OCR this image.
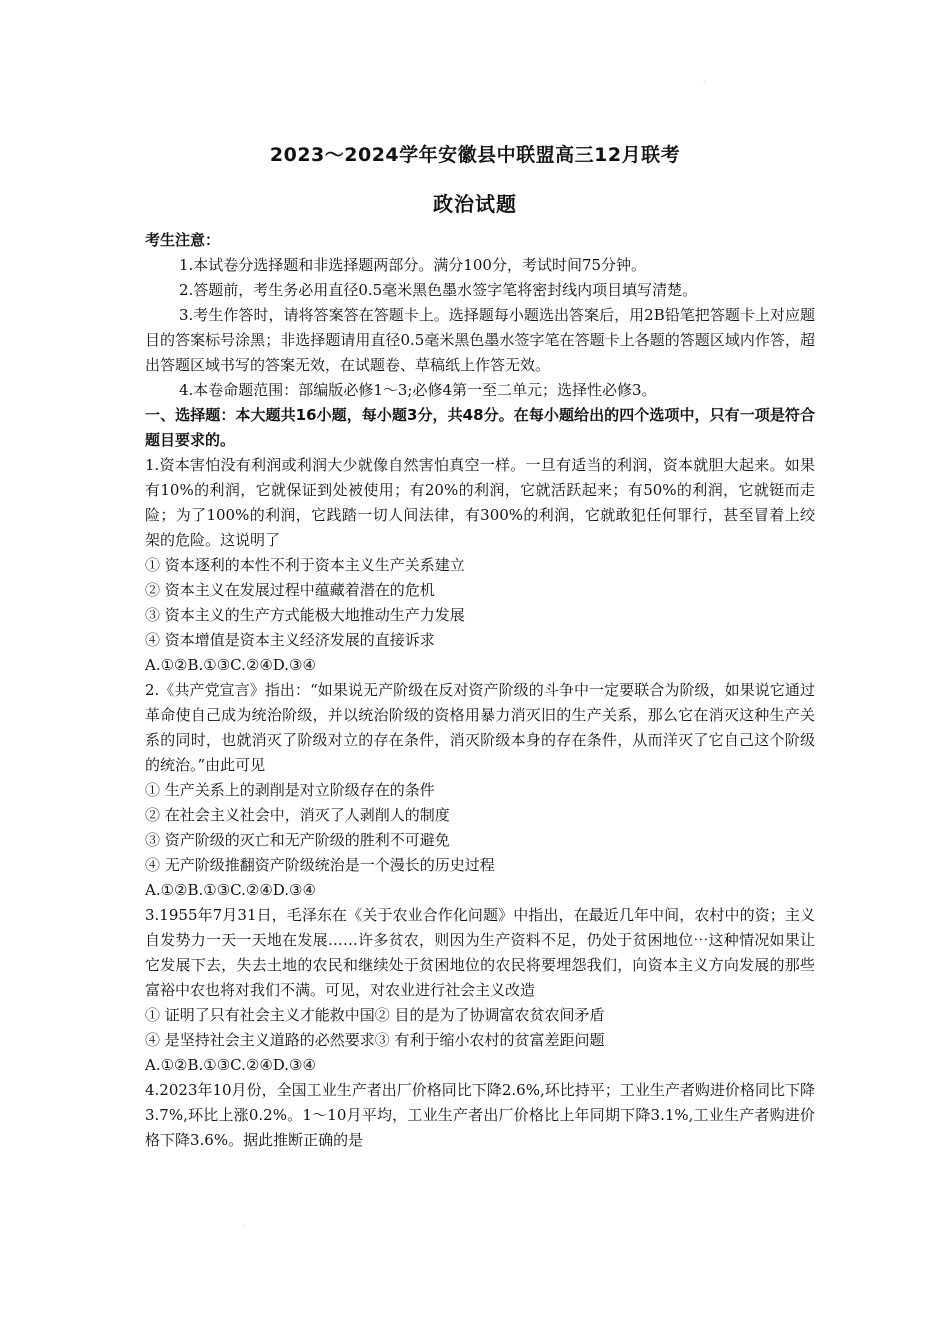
·
·
2023～2024学年安徽县中联盟高三12月联考
政治试题

考生注意：

1.本试卷分选择题和非选择题两部分。满分100分，考试时间75分钟。

2.答题前，考生务必用直径0.5毫米黑色墨水签字笔将密封线内项目填写清楚。

3.考生作答时，请将答案答在答题卡上。选择题每小题选出答案后，用2B铅笔把答题卡上对应题目的答案标号涂黑；非选择题请用直径0.5毫米黑色墨水签字笔在答题卡上各题的答题区域内作答，超出答题区域书写的答案无效，在试题卷、草稿纸上作答无效。

4.本卷命题范围：部编版必修1～3;必修4第一至二单元；选择性必修3。

一、选择题：本大题共16小题，每小题3分，共48分。在每小题给出的四个选项中，只有一项是符合题目要求的。

1.资本害怕没有利润或利润大少就像自然害怕真空一样。一旦有适当的利润，资本就胆大起来。如果有10%的利润，它就保证到处被使用；有20%的利润，它就活跃起来；有50%的利润，它就铤而走险；为了100%的利润，它践踏一切人间法律，有300%的利润，它就敢犯任何罪行，甚至冒着上绞架的危险。这说明了

① 资本逐利的本性不利于资本主义生产关系建立

② 资本主义在发展过程中蕴藏着潜在的危机

③ 资本主义的生产方式能极大地推动生产力发展

④ 资本增值是资本主义经济发展的直接诉求

A.①②B.①③C.②④D.③④

2.《共产党宣言》指出：“如果说无产阶级在反对资产阶级的斗争中一定要联合为阶级，如果说它通过革命使自己成为统治阶级，并以统治阶级的资格用暴力消灭旧的生产关系，那么它在消灭这种生产关系的同时，也就消灭了阶级对立的存在条件，消灭阶级本身的存在条件，从而洋灭了它自己这个阶级的统治。”由此可见

① 生产关系上的剥削是对立阶级存在的条件

② 在社会主义社会中，消灭了人剥削人的制度

③ 资产阶级的灭亡和无产阶级的胜利不可避免

④ 无产阶级推翻资产阶级统治是一个漫长的历史过程

A.①②B.①③C.②④D.③④

3.1955年7月31日，毛泽东在《关于农业合作化问题》中指出，在最近几年中间，农村中的资；主义自发势力一天一天地在发展……许多贫农，则因为生产资料不足，仍处于贫困地位⋯这种情况如果让它发展下去，失去土地的农民和继续处于贫困地位的农民将要埋怨我们，向资本主义方向发展的那些富裕中农也将对我们不满。可见，对农业进行社会主义改造

① 证明了只有社会主义才能救中国② 目的是为了协调富农贫农间矛盾

④ 是坚持社会主义道路的必然要求③ 有利于缩小农村的贫富差距问题

A.①②B.①③C.②④D.③④

4.2023年10月份，全国工业生产者出厂价格同比下降2.6%,环比持平；工业生产者购进价格同比下降3.7%,环比上涨0.2%。1～10月平均，工业生产者出厂价格比上年同期下降3.1%,工业生产者购进价格下降3.6%。据此推断正确的是
